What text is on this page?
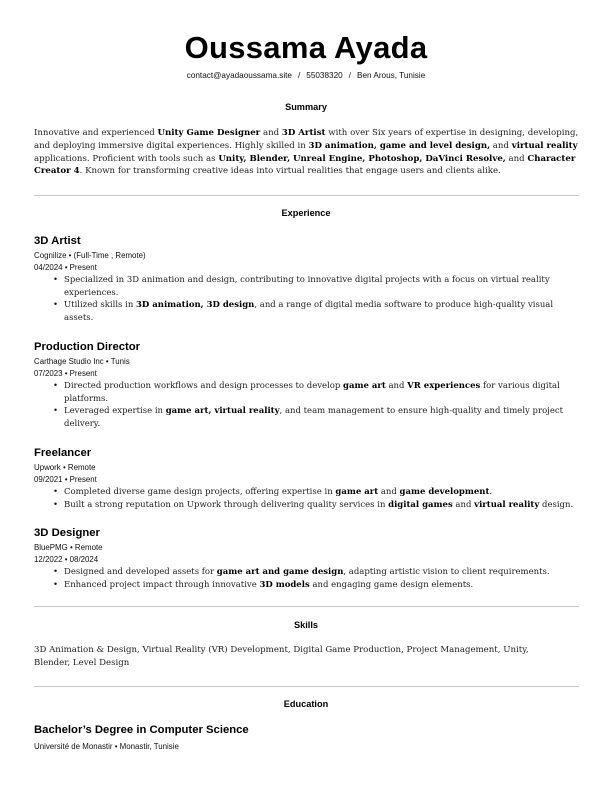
Oussama Ayada
contact@ayadaoussama.site / 55038320 / Ben Arous, Tunisie
Summary
Innovative and experienced Unity Game Designer and 3D Artist with over Six years of expertise in designing, developing, and deploying immersive digital experiences. Highly skilled in 3D animation, game and level design, and virtual reality applications. Proficient with tools such as Unity, Blender, Unreal Engine, Photoshop, DaVinci Resolve, and Character Creator 4. Known for transforming creative ideas into virtual realities that engage users and clients alike.
Experience
3D Artist
Cognilize • (Full-Time , Remote)
04/2024 • Present
• Specialized in 3D animation and design, contributing to innovative digital projects with a focus on virtual reality experiences.
• Utilized skills in 3D animation, 3D design, and a range of digital media software to produce high-quality visual assets.
Production Director
Carthage Studio Inc • Tunis
07/2023 • Present
• Directed production workflows and design processes to develop game art and VR experiences for various digital platforms.
• Leveraged expertise in game art, virtual reality, and team management to ensure high-quality and timely project delivery.
Freelancer
Upwork • Remote
09/2021 • Present
• Completed diverse game design projects, offering expertise in game art and game development.
• Built a strong reputation on Upwork through delivering quality services in digital games and virtual reality design.
3D Designer
BluePMG • Remote
12/2022 • 08/2024
• Designed and developed assets for game art and game design, adapting artistic vision to client requirements.
• Enhanced project impact through innovative 3D models and engaging game design elements.
Skills
3D Animation & Design, Virtual Reality (VR) Development, Digital Game Production, Project Management, Unity, Blender, Level Design
Education
Bachelor’s Degree in Computer Science
Université de Monastir • Monastir, Tunisie
